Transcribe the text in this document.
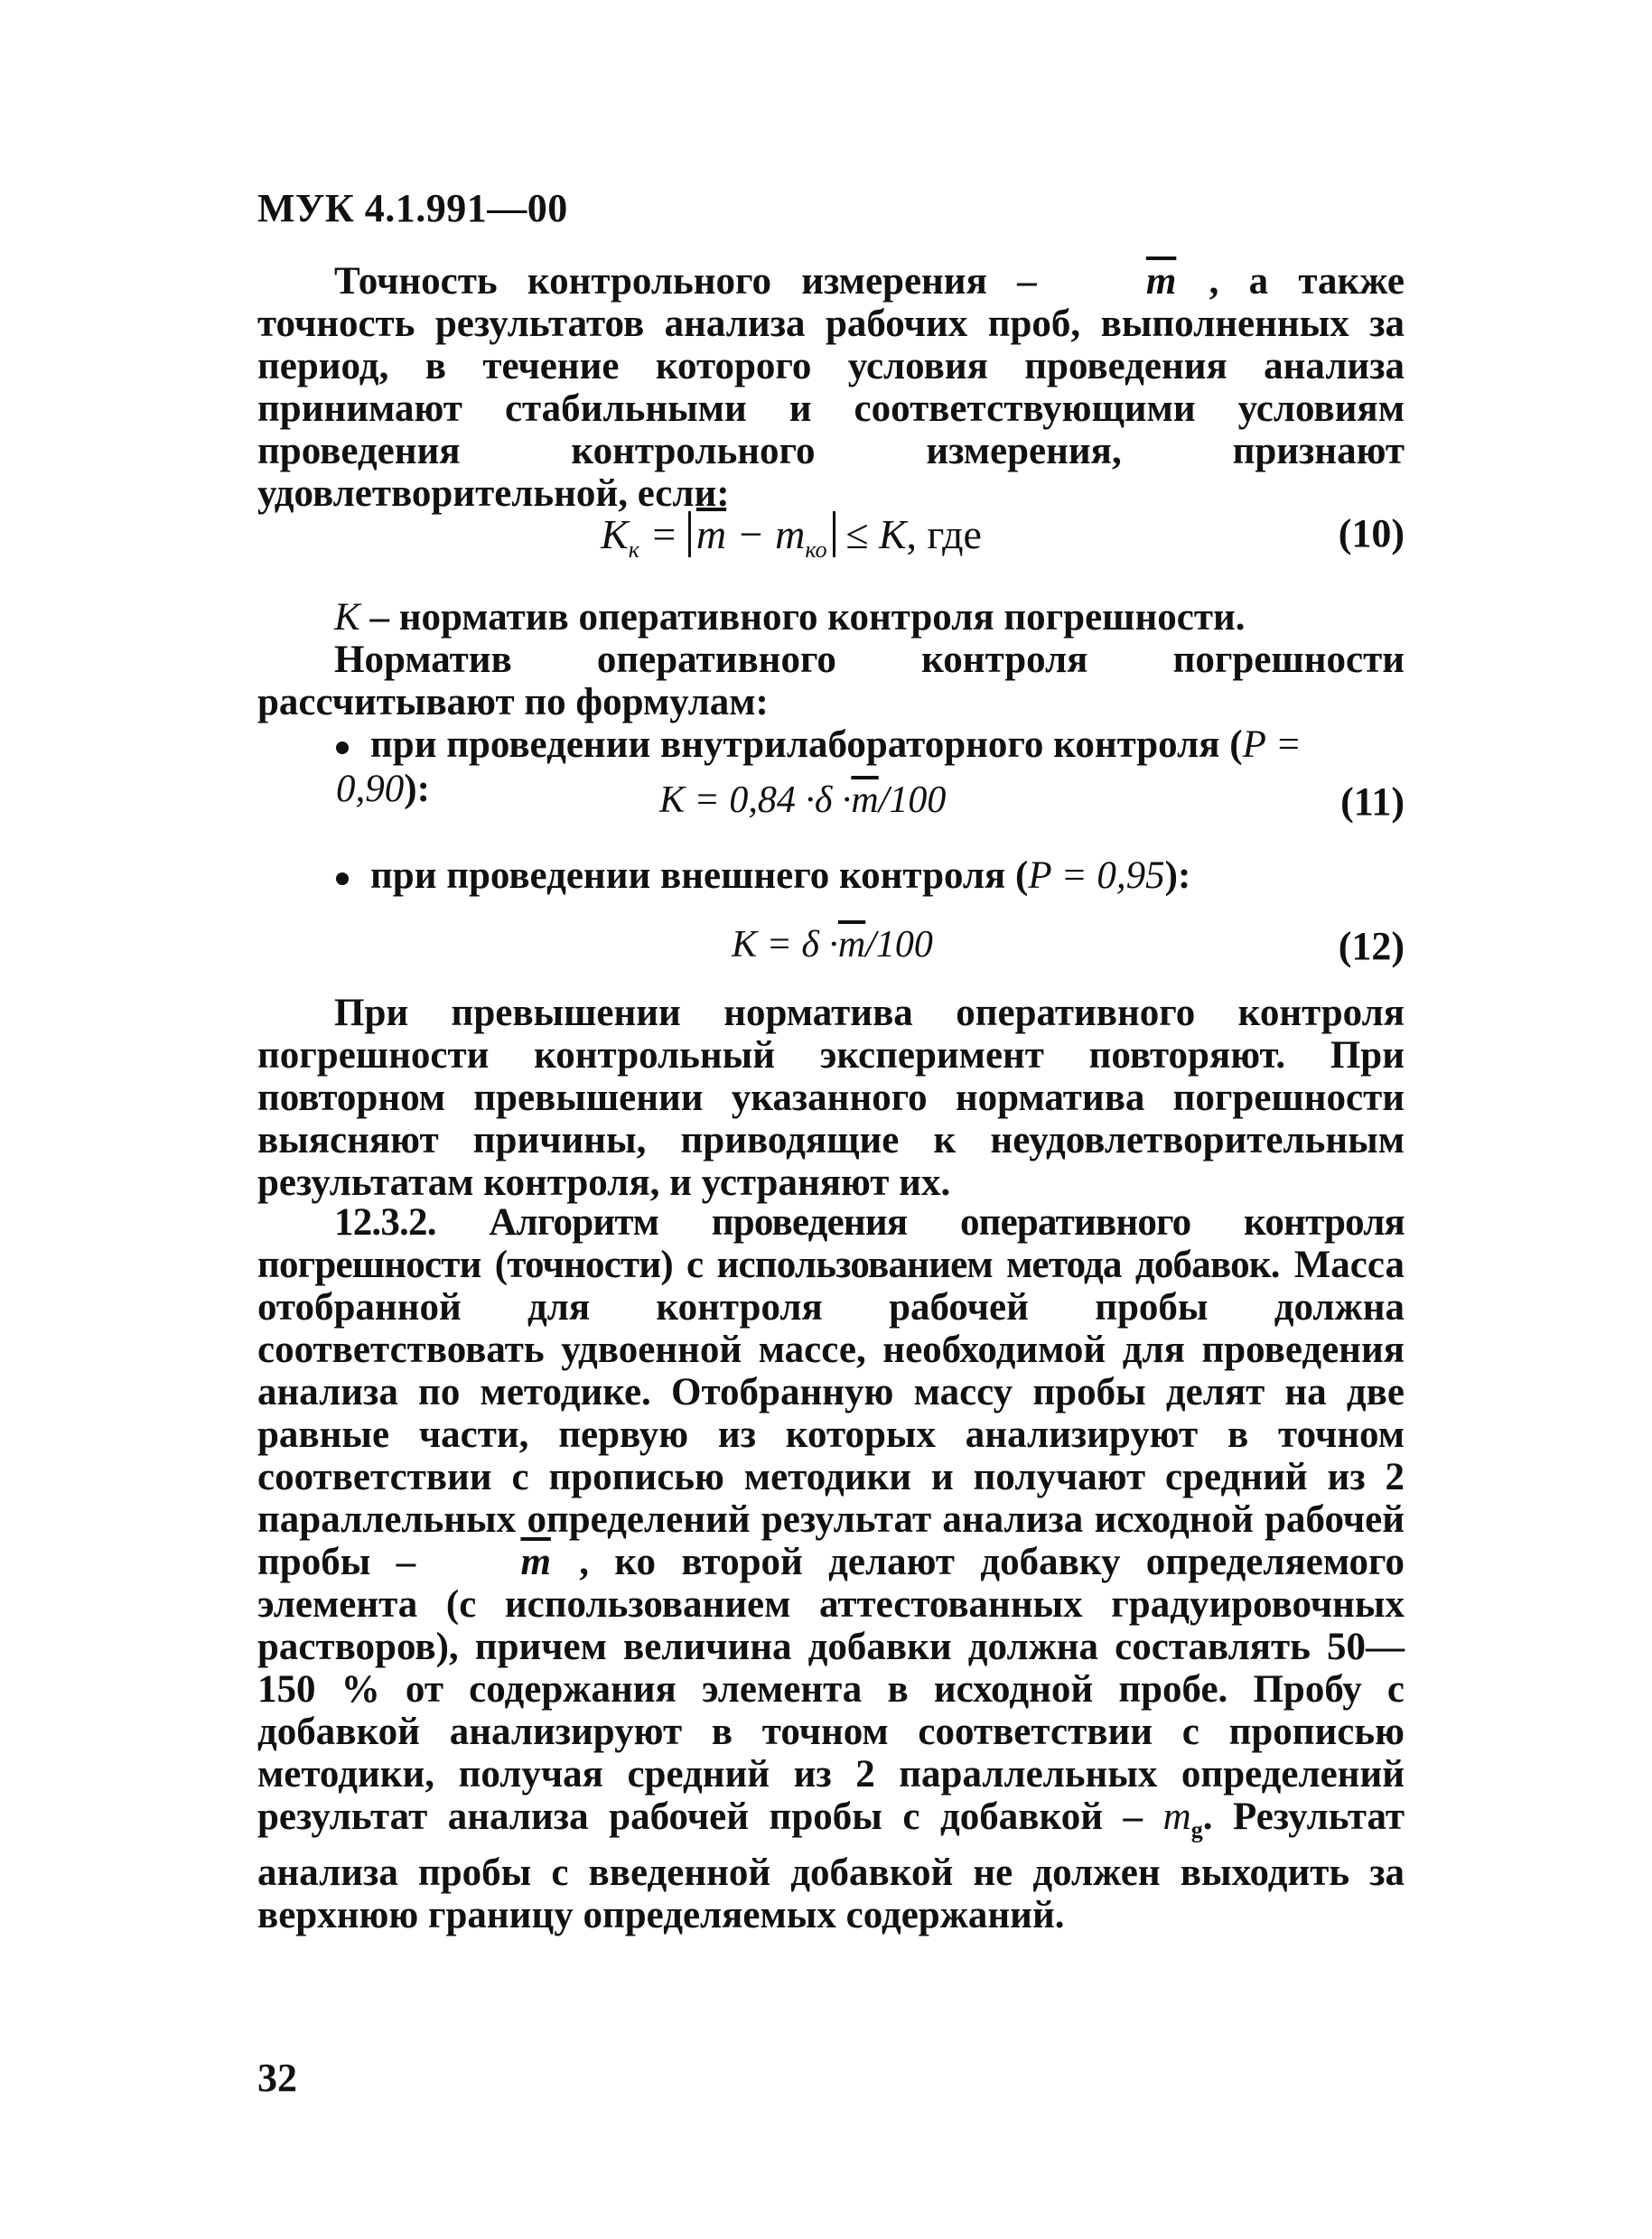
МУК 4.1.991—00

Точность контрольного измерения – $\overline{m}$ , а также точность результатов анализа рабочих проб, выполненных за период, в течение которого условия проведения анализа принимают стабильными и соответствующими условиям проведения контрольного измерения, признают удовлетворительной, если:

$K_к = \overline{m} - m_{ко} \le K$, где	(10)

K – норматив оперативного контроля погрешности.

Норматив оперативного контроля погрешности рассчитывают по формулам:

при проведении внутрилабораторного контроля (P = 0,90):	$K = 0,84 \cdot\delta \cdot\overline{m}/100$	(11)
при проведении внешнего контроля (P = 0,95):
$K = \delta \cdot\overline{m}/100$	(12)

При превышении норматива оперативного контроля погрешности контрольный эксперимент повторяют. При повторном превышении указанного норматива погрешности выясняют причины, приводящие к неудовлетворительным результатам контроля, и устраняют их.

12.3.2. Алгоритм проведения оперативного контроля погрешности (точности) с использованием метода добавок. Масса отобранной для контроля рабочей пробы должна соответствовать удвоенной массе, необходимой для проведения анализа по методике. Отобранную массу пробы делят на две равные части, первую из которых анализируют в точном соответствии с прописью методики и получают средний из 2 параллельных определений результат анализа исходной рабочей пробы – $\overline{m}$ , ко второй делают добавку определяемого элемента (с использованием аттестованных градуировочных растворов), причем величина добавки должна составлять 50—150 % от содержания элемента в исходной пробе. Пробу с добавкой анализируют в точном соответствии с прописью методики, получая средний из 2 параллельных определений результат анализа рабочей пробы с добавкой – $m_g$. Результат анализа пробы с введенной добавкой не должен выходить за верхнюю границу определяемых содержаний.

32
